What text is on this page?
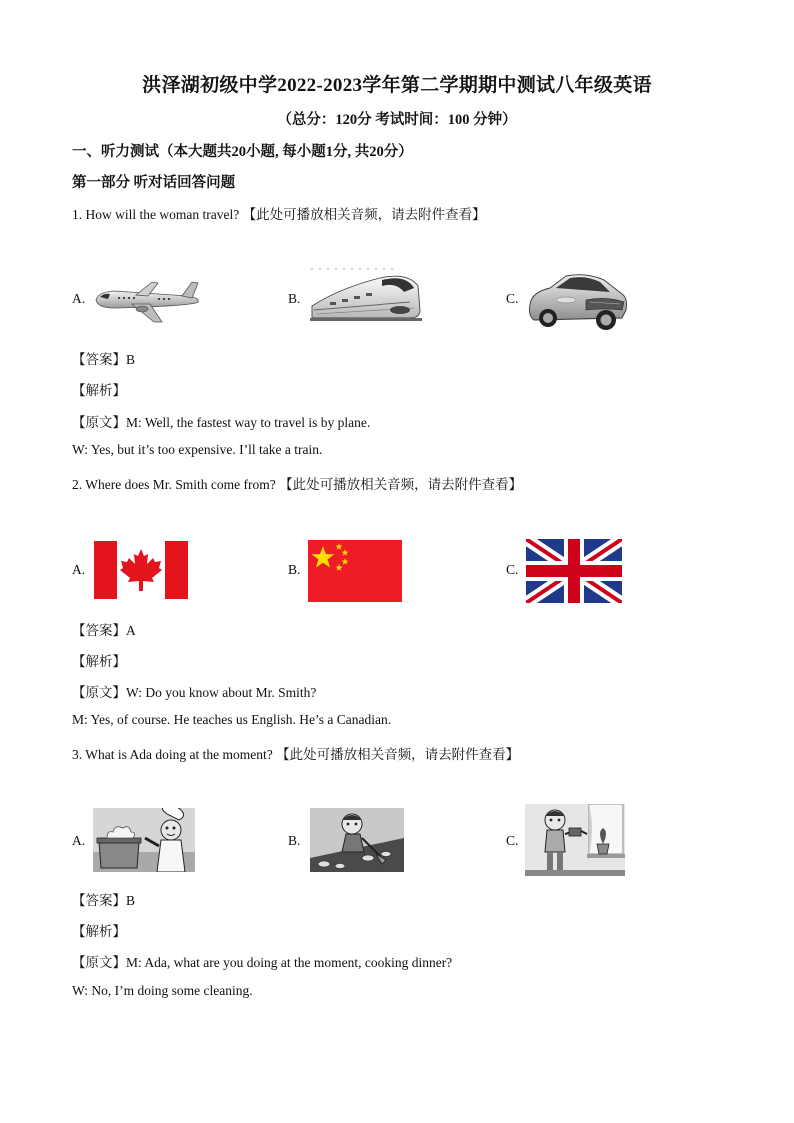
洪泽湖初级中学2022-2023学年第二学期期中测试八年级英语
（总分：120分 考试时间：100 分钟）
一、听力测试（本大题共20小题, 每小题1分, 共20分）
第一部分 听对话回答问题
1. How will the woman travel? 【此处可播放相关音频，请去附件查看】
A.	B.	C.
【答案】B
【解析】
【原文】M: Well, the fastest way to travel is by plane.
W: Yes, but it’s too expensive. I’ll take a train.
2. Where does Mr. Smith come from? 【此处可播放相关音频，请去附件查看】
A.	B.	C.
【答案】A
【解析】
【原文】W: Do you know about Mr. Smith?
M: Yes, of course. He teaches us English. He’s a Canadian.
3. What is Ada doing at the moment? 【此处可播放相关音频，请去附件查看】
A.	B.	C.
【答案】B
【解析】
【原文】M: Ada, what are you doing at the moment, cooking dinner?
W: No, I’m doing some cleaning.
